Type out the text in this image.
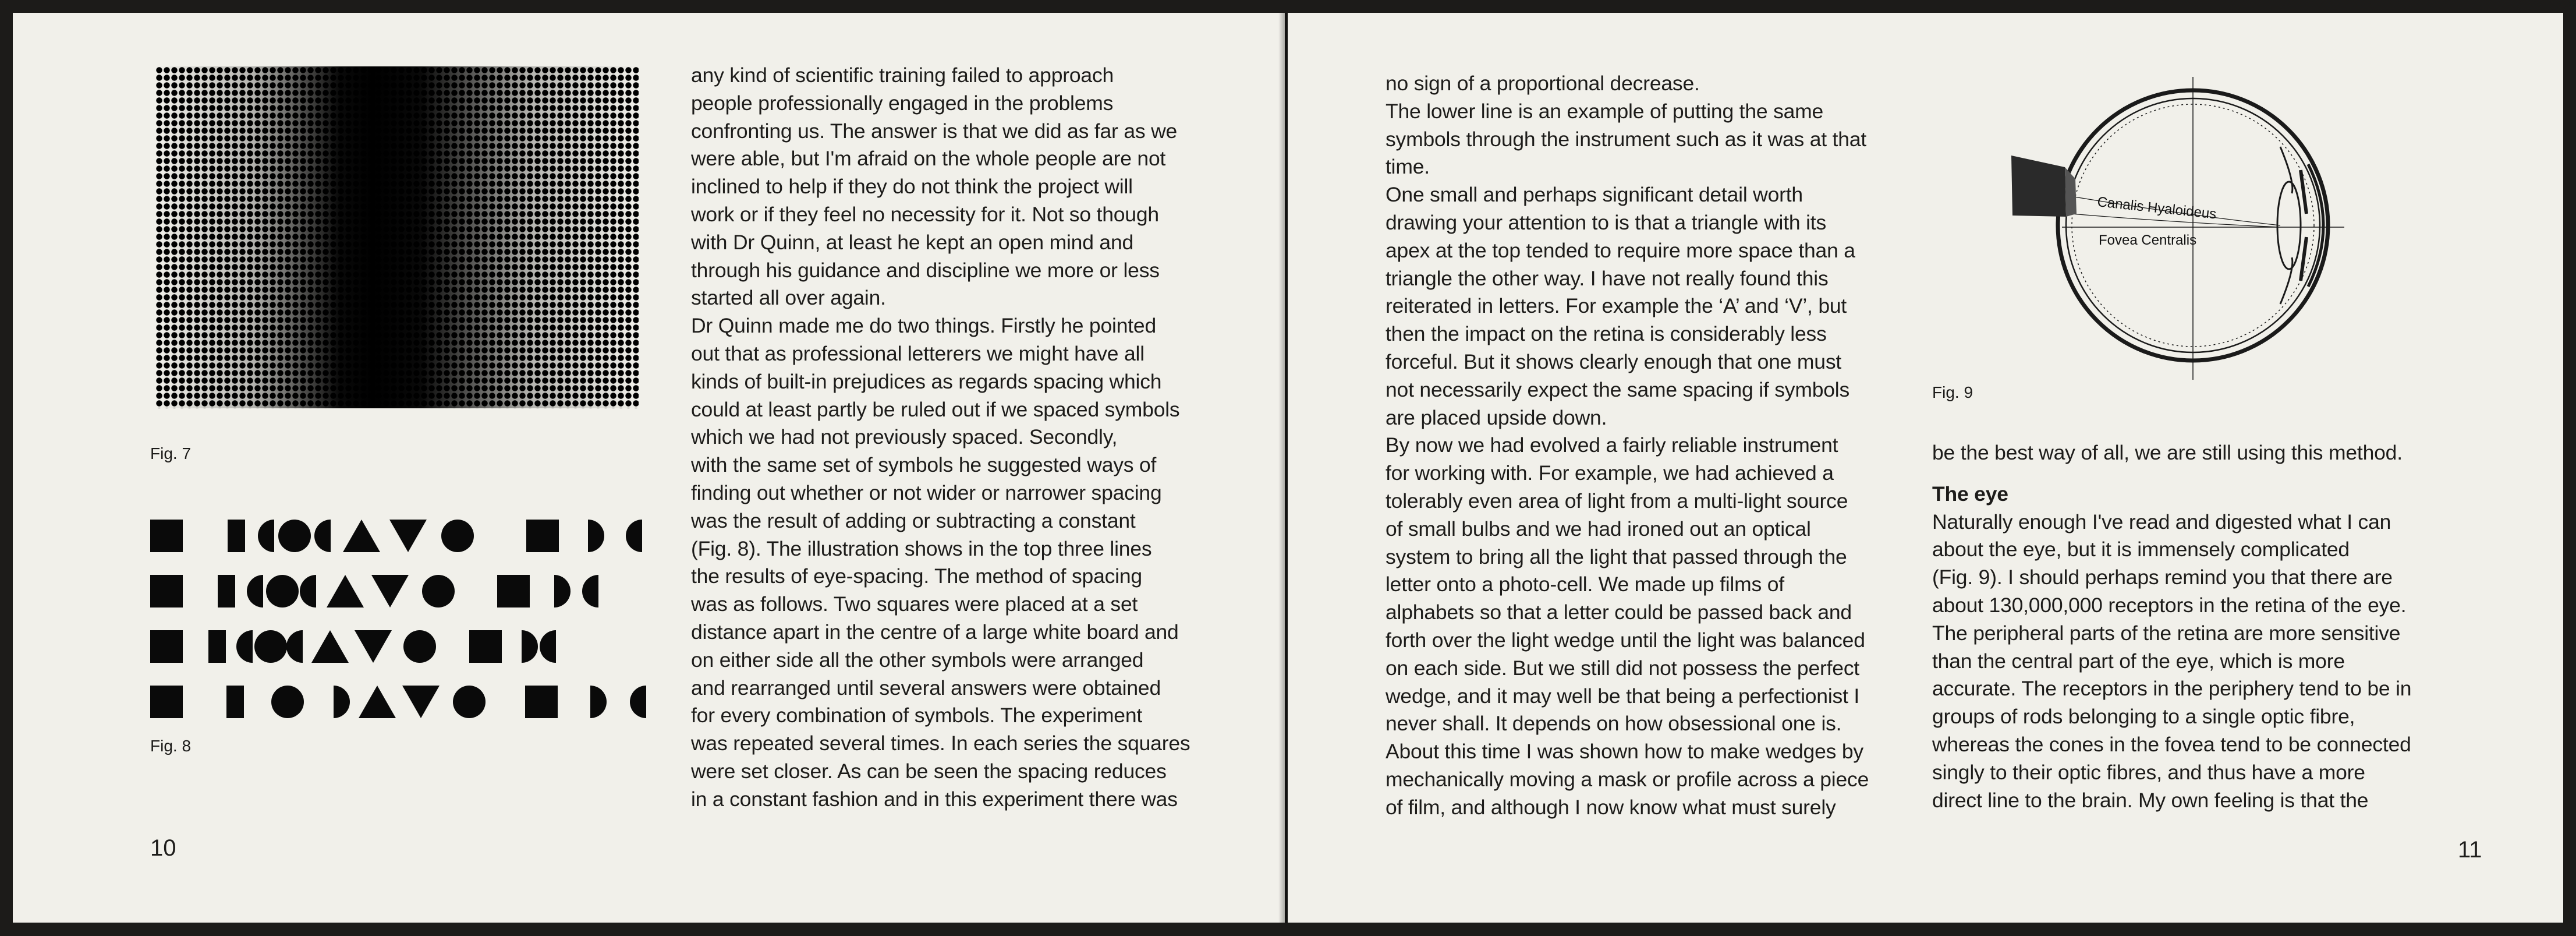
Fig. 7
Fig. 8

any kind of scientific training failed to approach

people professionally engaged in the problems

confronting us. The answer is that we did as far as we

were able, but I'm afraid on the whole people are not

inclined to help if they do not think the project will

work or if they feel no necessity for it. Not so though

with Dr Quinn, at least he kept an open mind and

through his guidance and discipline we more or less

started all over again.

Dr Quinn made me do two things. Firstly he pointed

out that as professional letterers we might have all

kinds of built-in prejudices as regards spacing which

could at least partly be ruled out if we spaced symbols

which we had not previously spaced. Secondly,

with the same set of symbols he suggested ways of

finding out whether or not wider or narrower spacing

was the result of adding or subtracting a constant

(Fig. 8). The illustration shows in the top three lines

the results of eye-spacing. The method of spacing

was as follows. Two squares were placed at a set

distance apart in the centre of a large white board and

on either side all the other symbols were arranged

and rearranged until several answers were obtained

for every combination of symbols. The experiment

was repeated several times. In each series the squares

were set closer. As can be seen the spacing reduces

in a constant fashion and in this experiment there was

10

no sign of a proportional decrease.

The lower line is an example of putting the same

symbols through the instrument such as it was at that

time.

One small and perhaps significant detail worth

drawing your attention to is that a triangle with its

apex at the top tended to require more space than a

triangle the other way. I have not really found this

reiterated in letters. For example the ‘A’ and ‘V’, but

then the impact on the retina is considerably less

forceful. But it shows clearly enough that one must

not necessarily expect the same spacing if symbols

are placed upside down.

By now we had evolved a fairly reliable instrument

for working with. For example, we had achieved a

tolerably even area of light from a multi-light source

of small bulbs and we had ironed out an optical

system to bring all the light that passed through the

letter onto a photo-cell. We made up films of

alphabets so that a letter could be passed back and

forth over the light wedge until the light was balanced

on each side. But we still did not possess the perfect

wedge, and it may well be that being a perfectionist I

never shall. It depends on how obsessional one is.

About this time I was shown how to make wedges by

mechanically moving a mask or profile across a piece

of film, and although I now know what must surely

Canalis Hyaloideus
Fovea Centralis
Fig. 9

be the best way of all, we are still using this method.

The eye

Naturally enough I've read and digested what I can

about the eye, but it is immensely complicated

(Fig. 9). I should perhaps remind you that there are

about 130,000,000 receptors in the retina of the eye.

The peripheral parts of the retina are more sensitive

than the central part of the eye, which is more

accurate. The receptors in the periphery tend to be in

groups of rods belonging to a single optic fibre,

whereas the cones in the fovea tend to be connected

singly to their optic fibres, and thus have a more

direct line to the brain. My own feeling is that the

11
